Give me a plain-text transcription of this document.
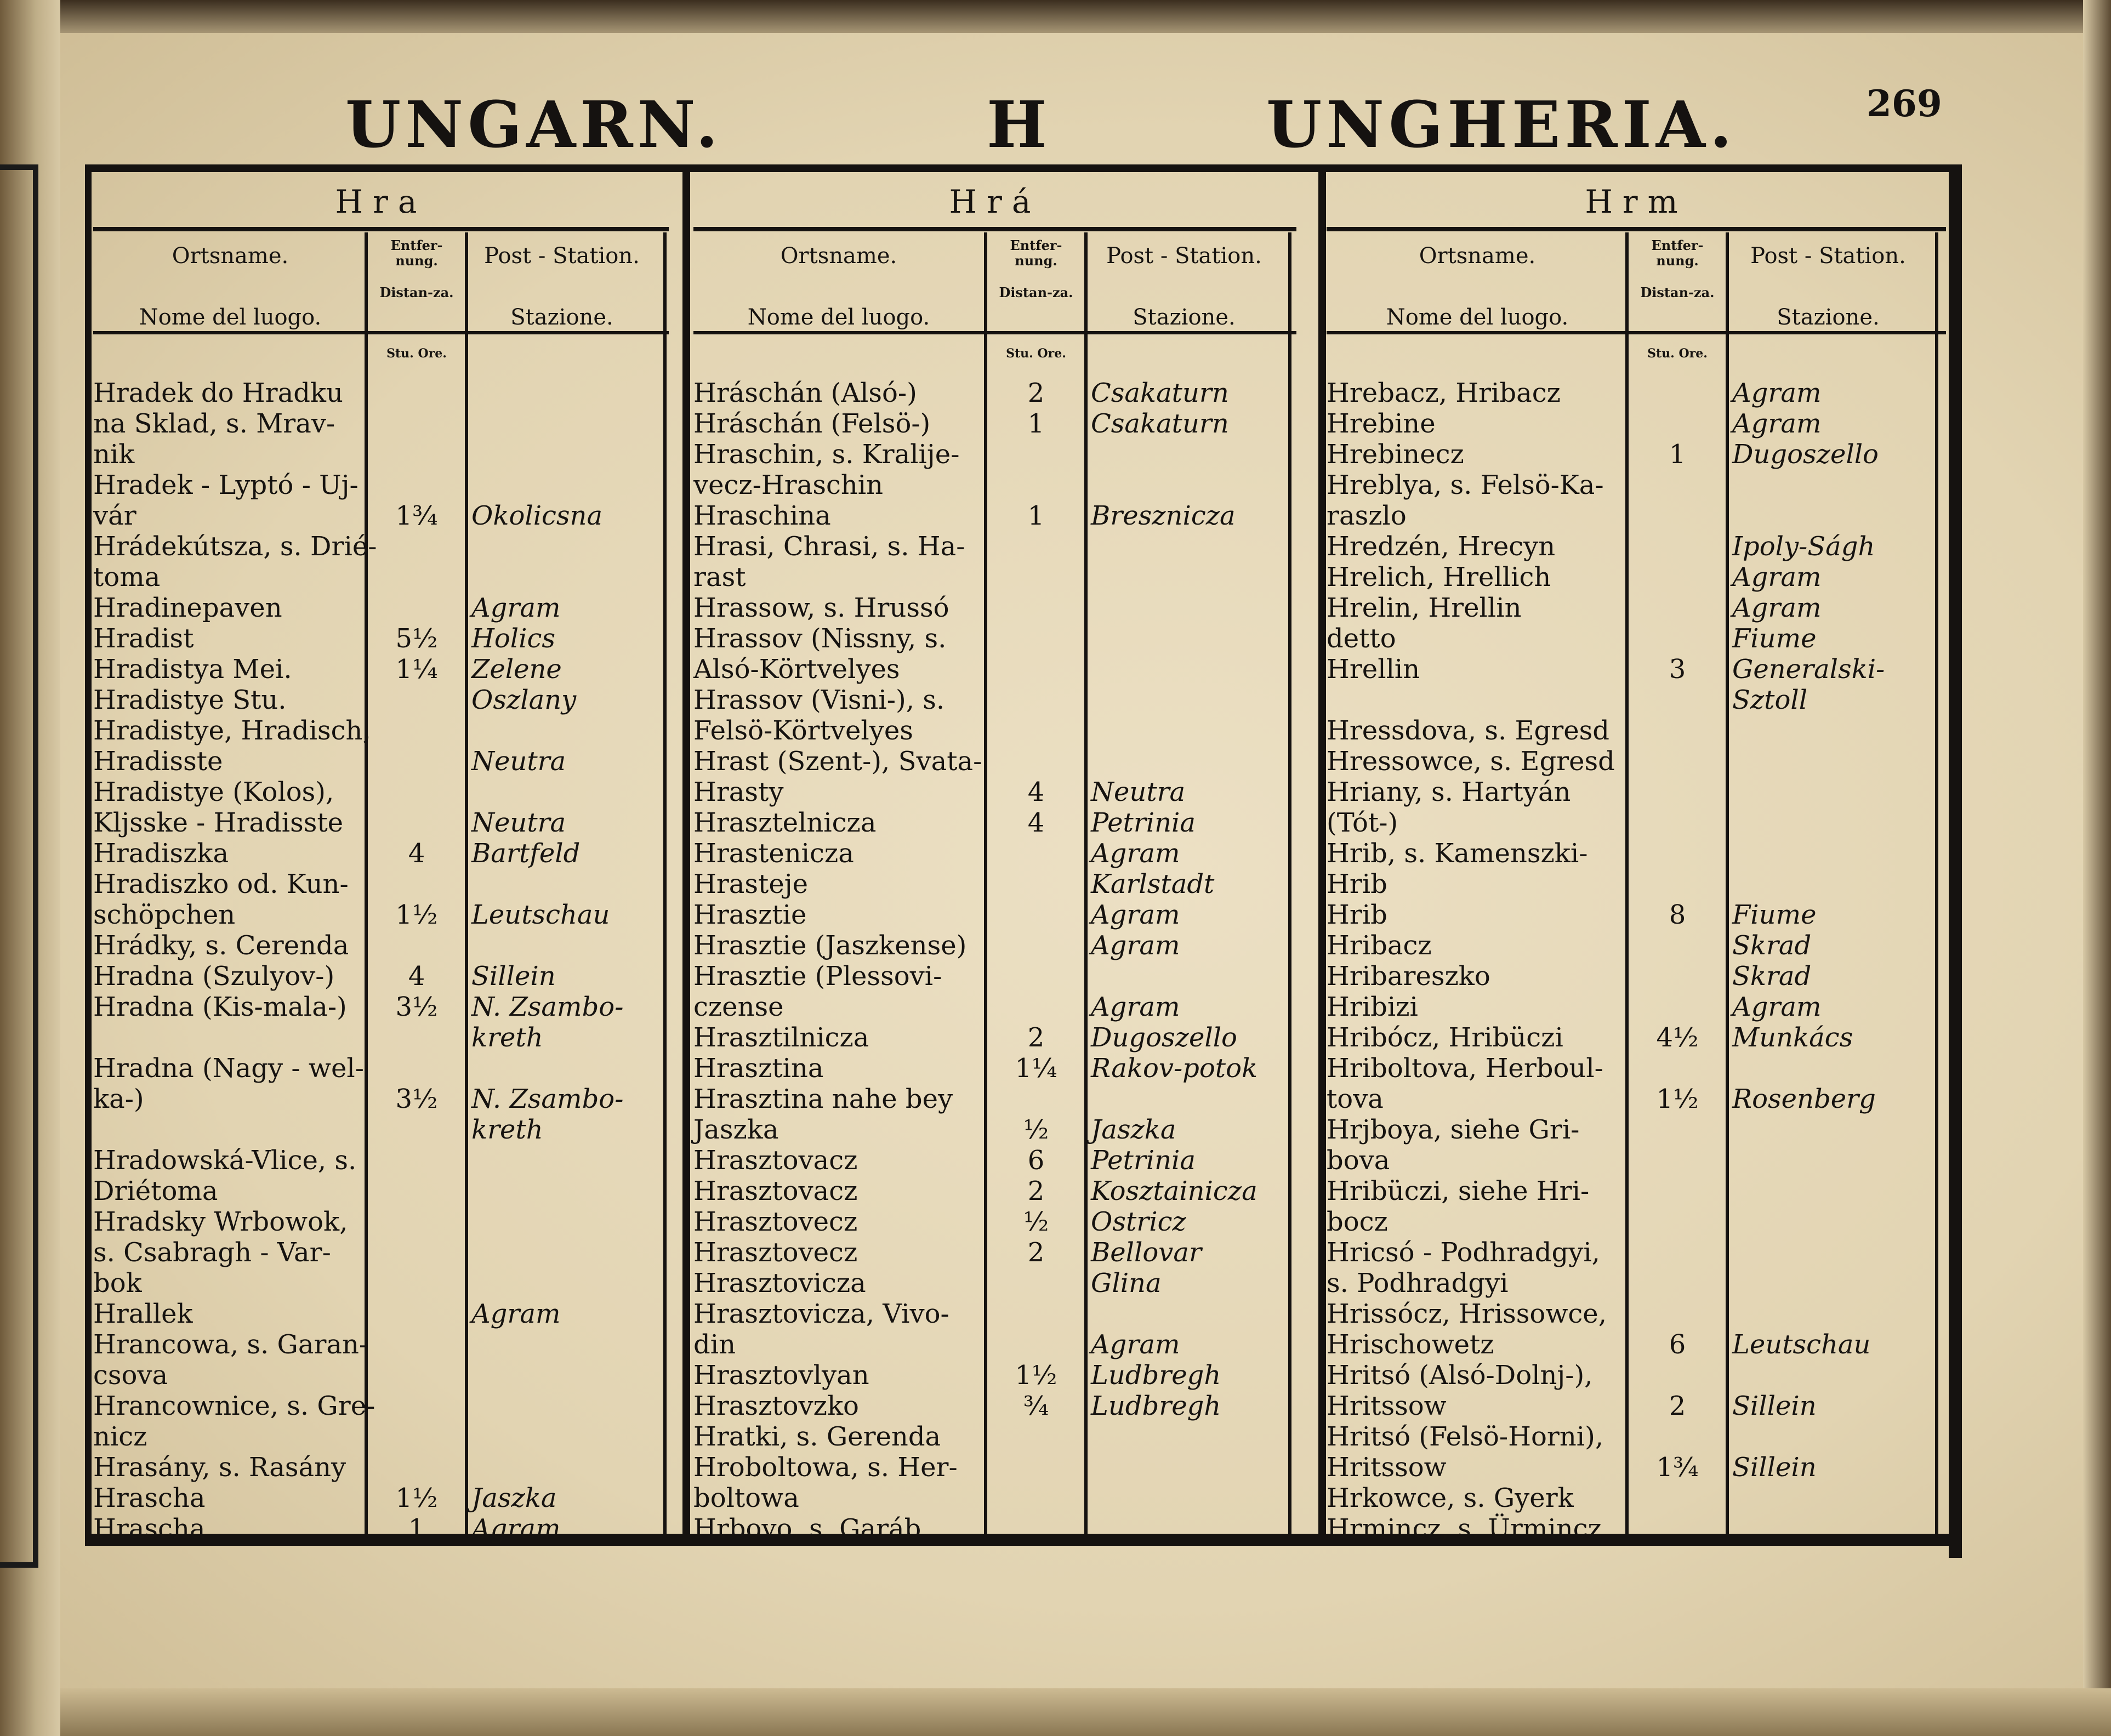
UNGARN.	H	UNGHERIA.	269
Hra
Ortsname.
Nome del luogo.
Entfer-nung.
Distan-za.
Post - Station.
Stazione.
Stu. Ore.
Hradek do Hradku
na Sklad, s. Mrav-
nik
Hradek - Lyptó - Uj-
vár	1¾	Okolicsna
Hrádekútsza, s. Drié-
toma
Hradinepaven	Agram
Hradist	5½	Holics
Hradistya Mei.	1¼	Zelene
Hradistye Stu.	Oszlany
Hradistye, Hradisch,
Hradisste	Neutra
Hradistye (Kolos),
Kljsske - Hradisste	Neutra
Hradiszka	4	Bartfeld
Hradiszko od. Kun-
schöpchen	1½	Leutschau
Hrádky, s. Cerenda
Hradna (Szulyov-)	4	Sillein
Hradna (Kis-mala-)	3½	N. Zsambo-
kreth
Hradna (Nagy - wel-
ka-)	3½	N. Zsambo-
kreth
Hradowská-Vlice, s.
Driétoma
Hradsky Wrbowok,
s. Csabragh - Var-
bok
Hrallek	Agram
Hrancowa, s. Garan-
csova
Hrancownice, s. Gre-
nicz
Hrasány, s. Rasány
Hrascha	1½	Jaszka
Hrascha	1	Agram
Hrá
Ortsname.
Nome del luogo.
Entfer-nung.
Distan-za.
Post - Station.
Stazione.
Stu. Ore.
Hráschán (Alsó-)	2	Csakaturn
Hráschán (Felsö-)	1	Csakaturn
Hraschin, s. Kralije-
vecz-Hraschin
Hraschina	1	Bresznicza
Hrasi, Chrasi, s. Ha-
rast
Hrassow, s. Hrussó
Hrassov (Nissny, s.
Alsó-Körtvelyes
Hrassov (Visni-), s.
Felsö-Körtvelyes
Hrast (Szent-), Svata-
Hrasty	4	Neutra
Hrasztelnicza	4	Petrinia
Hrastenicza	Agram
Hrasteje	Karlstadt
Hrasztie	Agram
Hrasztie (Jaszkense)	Agram
Hrasztie (Plessovi-
czense	Agram
Hrasztilnicza	2	Dugoszello
Hrasztina	1¼	Rakov-potok
Hrasztina nahe bey
Jaszka	½	Jaszka
Hrasztovacz	6	Petrinia
Hrasztovacz	2	Kosztainicza
Hrasztovecz	½	Ostricz
Hrasztovecz	2	Bellovar
Hrasztovicza	Glina
Hrasztovicza, Vivo-
din	Agram
Hrasztovlyan	1½	Ludbregh
Hrasztovzko	¾	Ludbregh
Hratki, s. Gerenda
Hroboltowa, s. Her-
boltowa
Hrbovo, s. Garáb
Hrm
Ortsname.
Nome del luogo.
Entfer-nung.
Distan-za.
Post - Station.
Stazione.
Stu. Ore.
Hrebacz, Hribacz	Agram
Hrebine	Agram
Hrebinecz	1	Dugoszello
Hreblya, s. Felsö-Ka-
raszlo
Hredzén, Hrecyn	Ipoly-Ságh
Hrelich, Hrellich	Agram
Hrelin, Hrellin	Agram
detto	Fiume
Hrellin	3	Generalski-
Sztoll
Hressdova, s. Egresd
Hressowce, s. Egresd
Hriany, s. Hartyán
(Tót-)
Hrib, s. Kamenszki-
Hrib
Hrib	8	Fiume
Hribacz	Skrad
Hribareszko	Skrad
Hribizi	Agram
Hribócz, Hribüczi	4½	Munkács
Hriboltova, Herboul-
tova	1½	Rosenberg
Hrjboya, siehe Gri-
bova
Hribüczi, siehe Hri-
bocz
Hricsó - Podhradgyi,
s. Podhradgyi
Hrissócz, Hrissowce,
Hrischowetz	6	Leutschau
Hritsó (Alsó-Dolnj-),
Hritssow	2	Sillein
Hritsó (Felsö-Horni),
Hritssow	1¾	Sillein
Hrkowce, s. Gyerk
Hrmincz, s. Ürmincz
